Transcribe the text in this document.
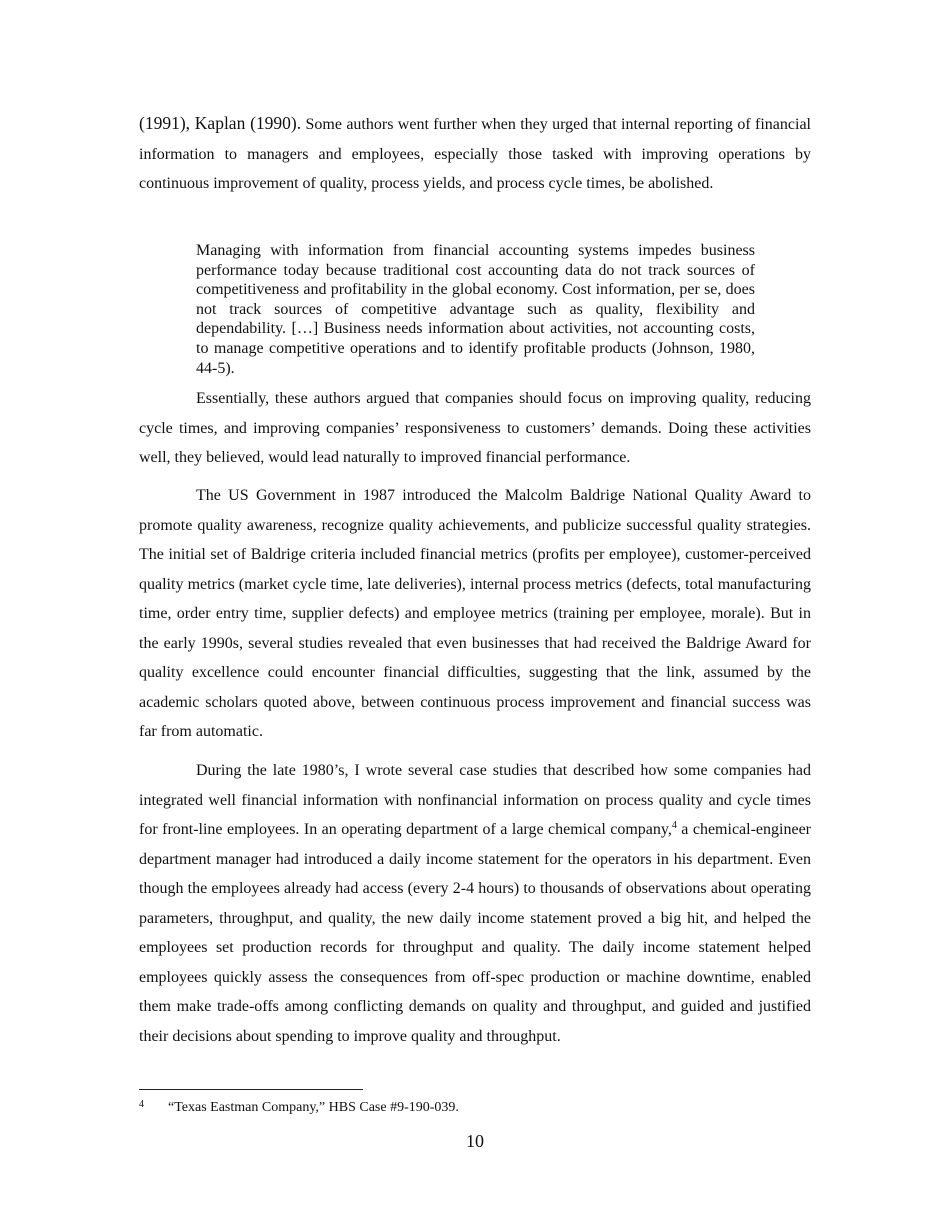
(1991), Kaplan (1990). Some authors went further when they urged that internal reporting of financial information to managers and employees, especially those tasked with improving operations by continuous improvement of quality, process yields, and process cycle times, be abolished.

Managing with information from financial accounting systems impedes business performance today because traditional cost accounting data do not track sources of competitiveness and profitability in the global economy. Cost information, per se, does not track sources of competitive advantage such as quality, flexibility and dependability. […] Business needs information about activities, not accounting costs, to manage competitive operations and to identify profitable products (Johnson, 1980, 44-5).

Essentially, these authors argued that companies should focus on improving quality, reducing cycle times, and improving companies’ responsiveness to customers’ demands. Doing these activities well, they believed, would lead naturally to improved financial performance.

The US Government in 1987 introduced the Malcolm Baldrige National Quality Award to promote quality awareness, recognize quality achievements, and publicize successful quality strategies. The initial set of Baldrige criteria included financial metrics (profits per employee), customer-perceived quality metrics (market cycle time, late deliveries), internal process metrics (defects, total manufacturing time, order entry time, supplier defects) and employee metrics (training per employee, morale). But in the early 1990s, several studies revealed that even businesses that had received the Baldrige Award for quality excellence could encounter financial difficulties, suggesting that the link, assumed by the academic scholars quoted above, between continuous process improvement and financial success was far from automatic.

During the late 1980’s, I wrote several case studies that described how some companies had integrated well financial information with nonfinancial information on process quality and cycle times for front-line employees. In an operating department of a large chemical company,$^4$ a chemical-engineer department manager had introduced a daily income statement for the operators in his department. Even though the employees already had access (every 2-4 hours) to thousands of observations about operating parameters, throughput, and quality, the new daily income statement proved a big hit, and helped the employees set production records for throughput and quality. The daily income statement helped employees quickly assess the consequences from off-spec production or machine downtime, enabled them make trade-offs among conflicting demands on quality and throughput, and guided and justified their decisions about spending to improve quality and throughput.

4 “Texas Eastman Company,” HBS Case #9-190-039.
10
